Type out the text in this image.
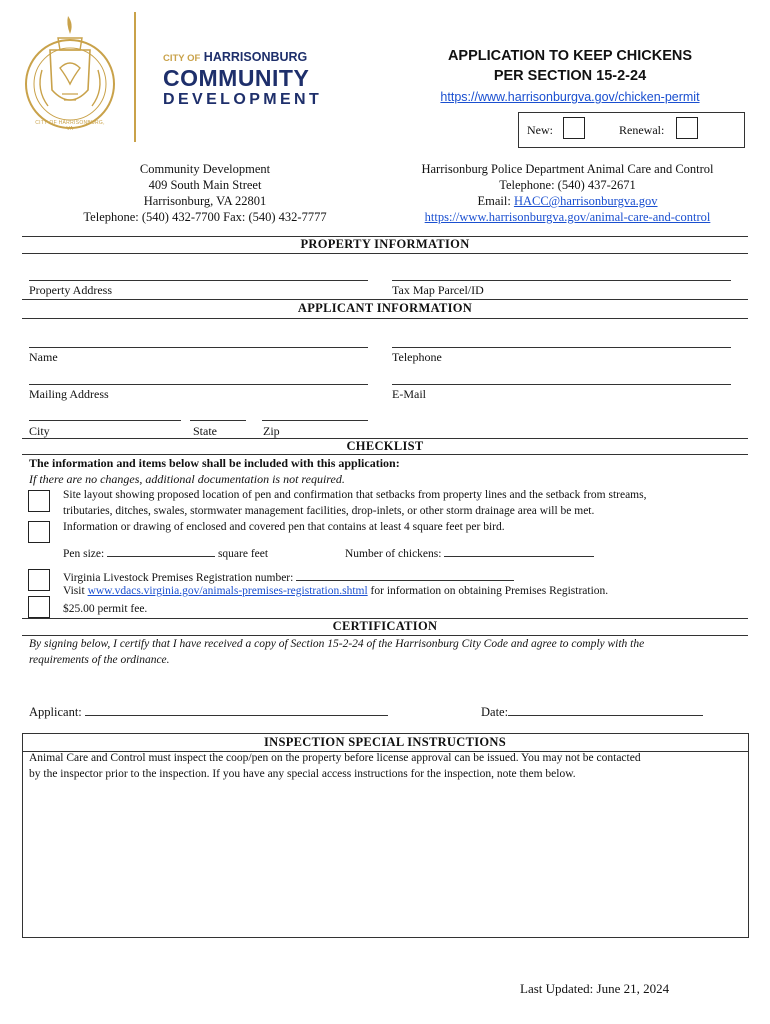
CITY OF HARRISONBURG, VA
CITY OF HARRISONBURG
COMMUNITY
DEVELOPMENT
APPLICATION TO KEEP CHICKENS
PER SECTION 15-2-24
https://www.harrisonburgva.gov/chicken-permit
New:	Renewal:
Community Development
409 South Main Street
Harrisonburg, VA 22801
Telephone: (540) 432-7700 Fax: (540) 432-7777
Harrisonburg Police Department Animal Care and Control
Telephone: (540) 437-2671
Email: HACC@harrisonburgva.gov
https://www.harrisonburgva.gov/animal-care-and-control
PROPERTY INFORMATION
Property Address	Tax Map Parcel/ID
APPLICANT INFORMATION
Name	Telephone
Mailing Address	E-Mail
City	State	Zip
CHECKLIST
The information and items below shall be included with this application:
If there are no changes, additional documentation is not required.
Site layout showing proposed location of pen and confirmation that setbacks from property lines and the setback from streams,
tributaries, ditches, swales, stormwater management facilities, drop-inlets, or other storm drainage area will be met.
Information or drawing of enclosed and covered pen that contains at least 4 square feet per bird.
Pen size:	square feet	Number of chickens:
Virginia Livestock Premises Registration number:
Visit www.vdacs.virginia.gov/animals-premises-registration.shtml for information on obtaining Premises Registration.
$25.00 permit fee.
CERTIFICATION
By signing below, I certify that I have received a copy of Section 15-2-24 of the Harrisonburg City Code and agree to comply with the
requirements of the ordinance.
Applicant:	Date:
INSPECTION SPECIAL INSTRUCTIONS
Animal Care and Control must inspect the coop/pen on the property before license approval can be issued. You may not be contacted
by the inspector prior to the inspection. If you have any special access instructions for the inspection, note them below.
Last Updated: June 21, 2024
